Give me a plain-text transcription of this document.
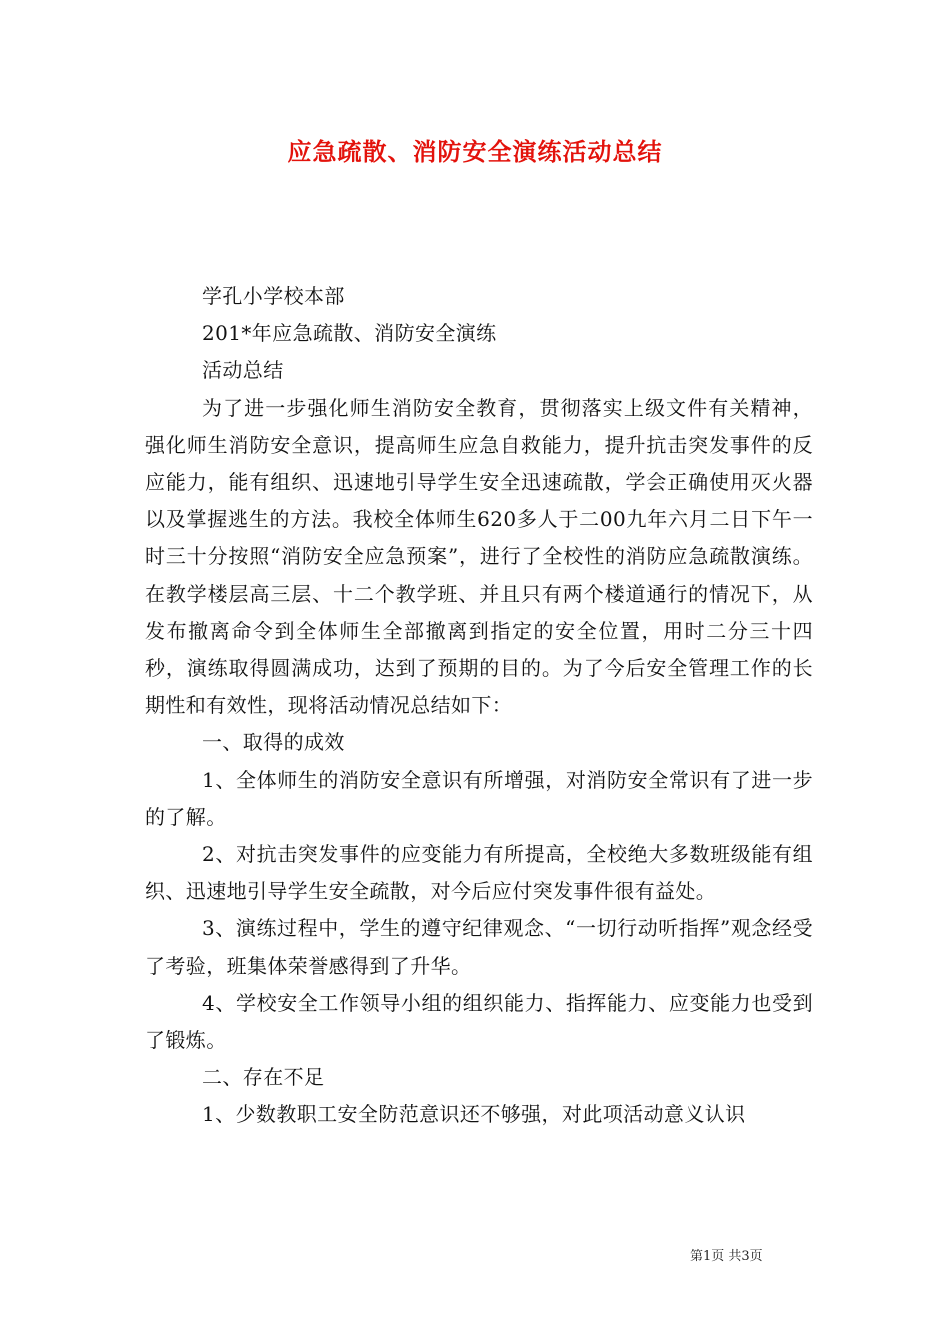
应急疏散、消防安全演练活动总结

学孔小学校本部

201*年应急疏散、消防安全演练

活动总结

为了进一步强化师生消防安全教育，贯彻落实上级文件有关精神，强化师生消防安全意识，提高师生应急自救能力，提升抗击突发事件的反应能力，能有组织、迅速地引导学生安全迅速疏散，学会正确使用灭火器以及掌握逃生的方法。我校全体师生620多人于二00九年六月二日下午一时三十分按照“消防安全应急预案”，进行了全校性的消防应急疏散演练。在教学楼层高三层、十二个教学班、并且只有两个楼道通行的情况下，从发布撤离命令到全体师生全部撤离到指定的安全位置，用时二分三十四秒，演练取得圆满成功，达到了预期的目的。为了今后安全管理工作的长期性和有效性，现将活动情况总结如下：

一、取得的成效

1、全体师生的消防安全意识有所增强，对消防安全常识有了进一步的了解。

2、对抗击突发事件的应变能力有所提高，全校绝大多数班级能有组织、迅速地引导学生安全疏散，对今后应付突发事件很有益处。

3、演练过程中，学生的遵守纪律观念、“一切行动听指挥”观念经受了考验，班集体荣誉感得到了升华。

4、学校安全工作领导小组的组织能力、指挥能力、应变能力也受到了锻炼。

二、存在不足

1、少数教职工安全防范意识还不够强，对此项活动意义认识

第1页 共3页
